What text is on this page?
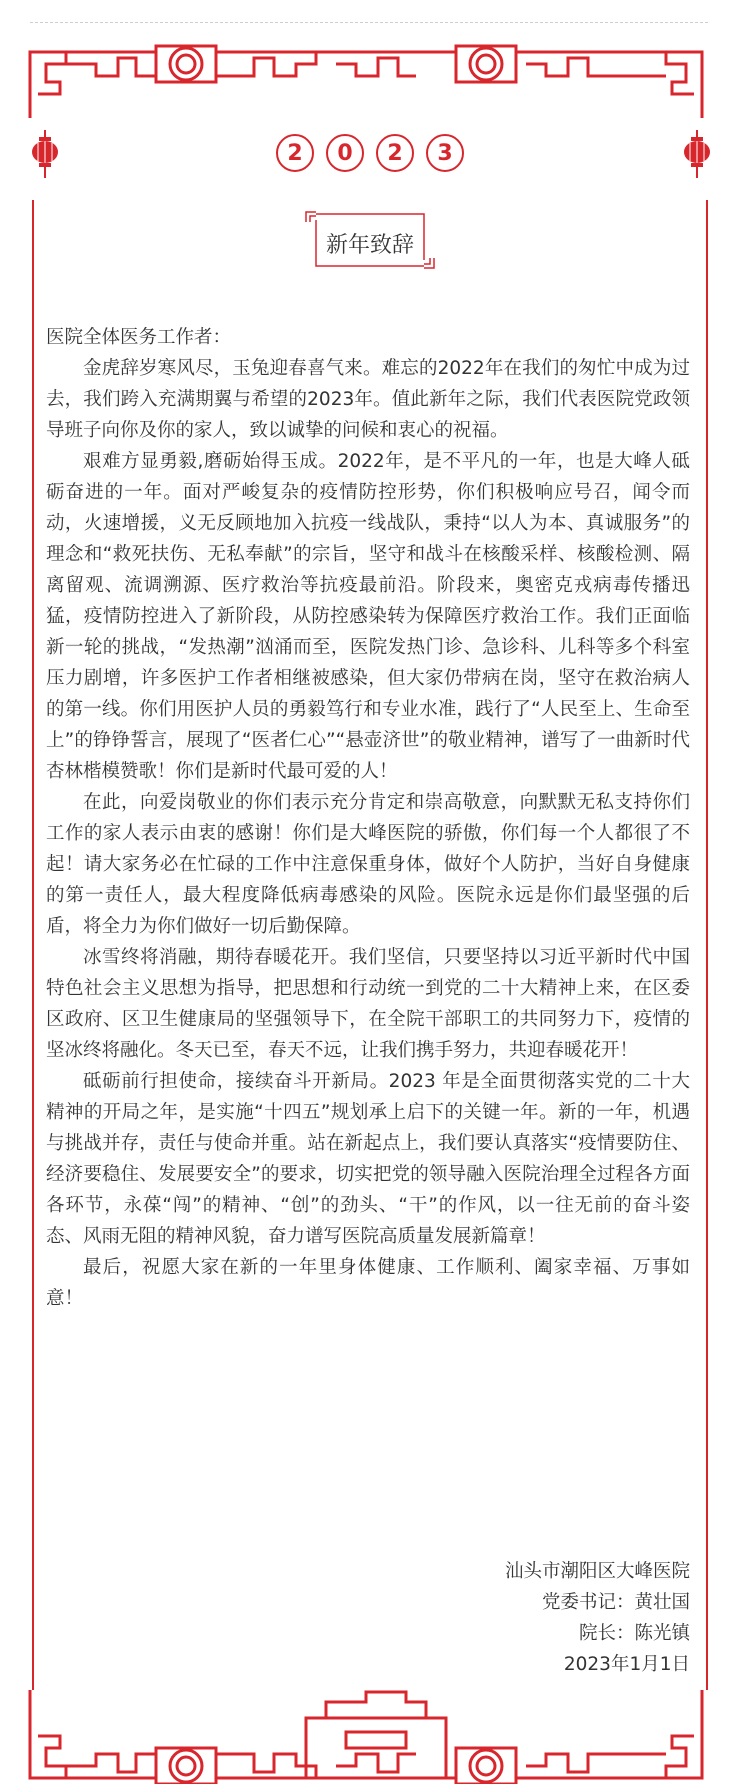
2	0	2	3
新年致辞

医院全体医务工作者：

金虎辞岁寒风尽，玉兔迎春喜气来。难忘的2022年在我们的匆忙中成为过去，我们跨入充满期翼与希望的2023年。值此新年之际，我们代表医院党政领导班子向你及你的家人，致以诚挚的问候和衷心的祝福。

艰难方显勇毅,磨砺始得玉成。2022年，是不平凡的一年，也是大峰人砥砺奋进的一年。面对严峻复杂的疫情防控形势，你们积极响应号召，闻令而动，火速增援，义无反顾地加入抗疫一线战队，秉持“以人为本、真诚服务”的理念和“救死扶伤、无私奉献”的宗旨，坚守和战斗在核酸采样、核酸检测、隔离留观、流调溯源、医疗救治等抗疫最前沿。阶段来，奥密克戎病毒传播迅猛，疫情防控进入了新阶段，从防控感染转为保障医疗救治工作。我们正面临新一轮的挑战，“发热潮”汹涌而至，医院发热门诊、急诊科、儿科等多个科室压力剧增，许多医护工作者相继被感染，但大家仍带病在岗，坚守在救治病人的第一线。你们用医护人员的勇毅笃行和专业水准，践行了“人民至上、生命至上”的铮铮誓言，展现了“医者仁心”“悬壶济世”的敬业精神，谱写了一曲新时代杏林楷模赞歌！你们是新时代最可爱的人！

在此，向爱岗敬业的你们表示充分肯定和崇高敬意，向默默无私支持你们工作的家人表示由衷的感谢！你们是大峰医院的骄傲，你们每一个人都很了不起！请大家务必在忙碌的工作中注意保重身体，做好个人防护，当好自身健康的第一责任人，最大程度降低病毒感染的风险。医院永远是你们最坚强的后盾，将全力为你们做好一切后勤保障。

冰雪终将消融，期待春暖花开。我们坚信，只要坚持以习近平新时代中国特色社会主义思想为指导，把思想和行动统一到党的二十大精神上来，在区委区政府、区卫生健康局的坚强领导下，在全院干部职工的共同努力下，疫情的坚冰终将融化。冬天已至，春天不远，让我们携手努力，共迎春暖花开！

砥砺前行担使命，接续奋斗开新局。2023 年是全面贯彻落实党的二十大精神的开局之年，是实施“十四五”规划承上启下的关键一年。新的一年，机遇与挑战并存，责任与使命并重。站在新起点上，我们要认真落实“疫情要防住、经济要稳住、发展要安全”的要求，切实把党的领导融入医院治理全过程各方面各环节，永葆“闯”的精神、“创”的劲头、“干”的作风，以一往无前的奋斗姿态、风雨无阻的精神风貌，奋力谱写医院高质量发展新篇章！

最后，祝愿大家在新的一年里身体健康、工作顺利、阖家幸福、万事如意！

汕头市潮阳区大峰医院
党委书记：黄壮国
院长：陈光镇
2023年1月1日
